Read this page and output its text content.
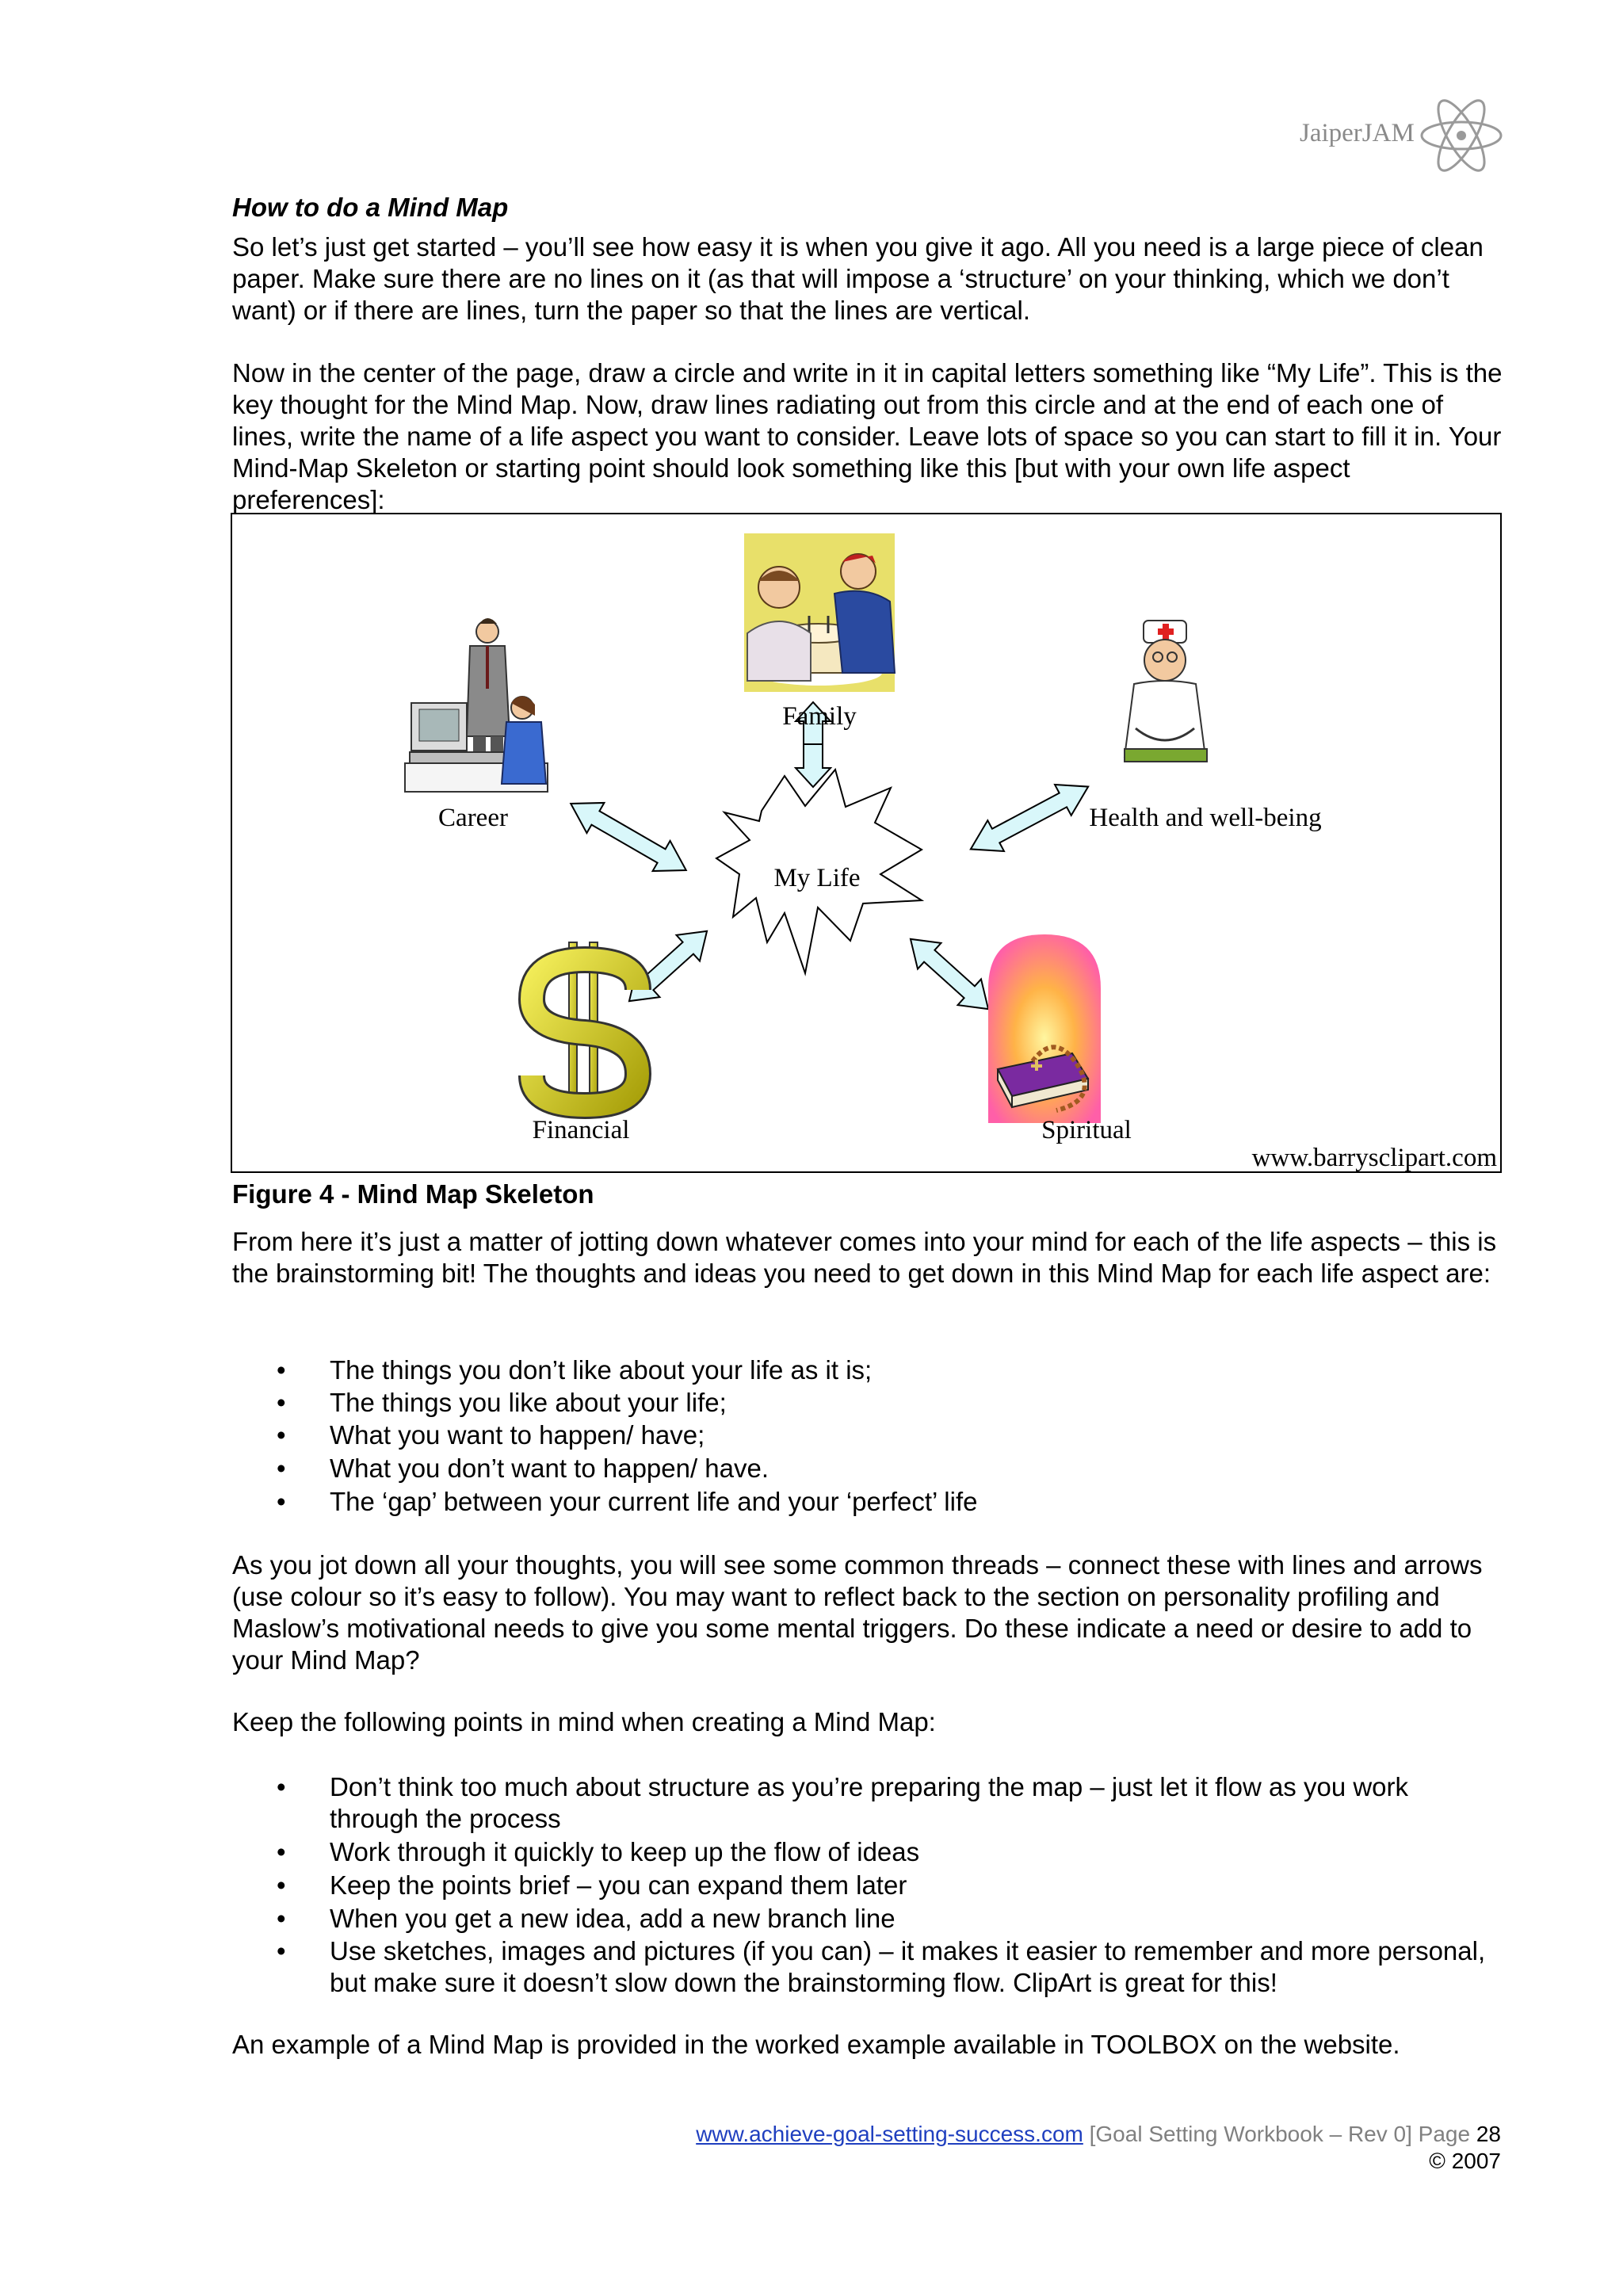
JaiperJAM
How to do a Mind Map
So let’s just get started – you’ll see how easy it is when you give it ago. All you need is a large piece of clean paper. Make sure there are no lines on it (as that will impose a ‘structure’ on your thinking, which we don’t want) or if there are lines, turn the paper so that the lines are vertical.
Now in the center of the page, draw a circle and write in it in capital letters something like “My Life”. This is the key thought for the Mind Map. Now, draw lines radiating out from this circle and at the end of each one of lines, write the name of a life aspect you want to consider. Leave lots of space so you can start to fill it in. Your Mind-Map Skeleton or starting point should look something like this [but with your own life aspect preferences]:
Family
Career	Health and well-being
Financial	Spiritual
My Life
www.barrysclipart.com
Figure 4 - Mind Map Skeleton
From here it’s just a matter of jotting down whatever comes into your mind for each of the life aspects – this is the brainstorming bit! The thoughts and ideas you need to get down in this Mind Map for each life aspect are:
• The things you don’t like about your life as it is;
• The things you like about your life;
• What you want to happen/ have;
• What you don’t want to happen/ have.
• The ‘gap’ between your current life and your ‘perfect’ life
As you jot down all your thoughts, you will see some common threads – connect these with lines and arrows (use colour so it’s easy to follow). You may want to reflect back to the section on personality profiling and Maslow’s motivational needs to give you some mental triggers. Do these indicate a need or desire to add to your Mind Map?
Keep the following points in mind when creating a Mind Map:
• Don’t think too much about structure as you’re preparing the map – just let it flow as you work through the process
• Work through it quickly to keep up the flow of ideas
• Keep the points brief – you can expand them later
• When you get a new idea, add a new branch line
• Use sketches, images and pictures (if you can) – it makes it easier to remember and more personal, but make sure it doesn’t slow down the brainstorming flow. ClipArt is great for this!
An example of a Mind Map is provided in the worked example available in TOOLBOX on the website.
www.achieve-goal-setting-success.com [Goal Setting Workbook – Rev 0] Page 28
© 2007
